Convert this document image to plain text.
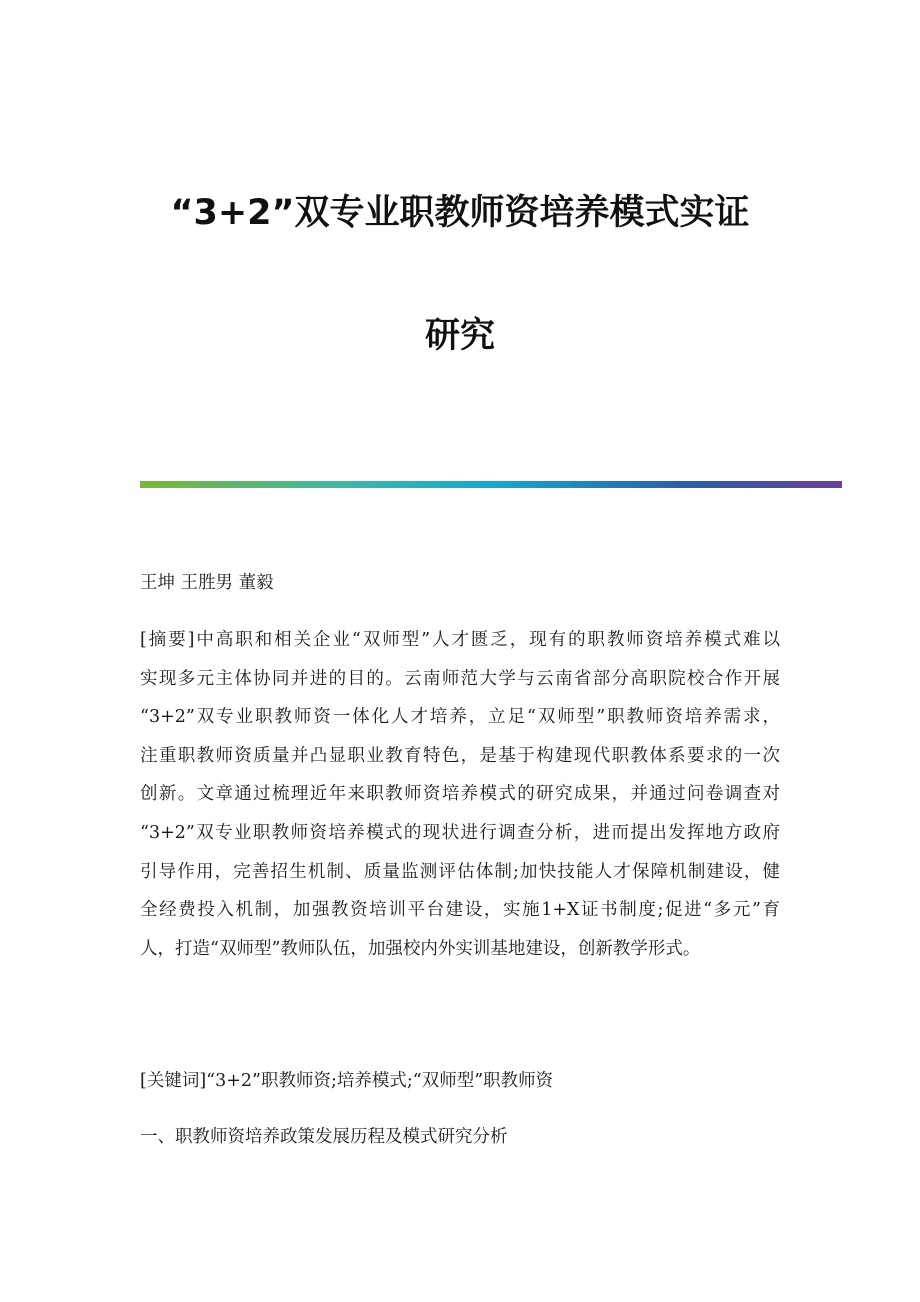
“3+2”双专业职教师资培养模式实证
研究
王坤 王胜男 董毅
[摘要]中高职和相关企业“双师型”人才匮乏，现有的职教师资培养模式难以
实现多元主体协同并进的目的。云南师范大学与云南省部分高职院校合作开展
“3+2”双专业职教师资一体化人才培养，立足“双师型”职教师资培养需求，
注重职教师资质量并凸显职业教育特色，是基于构建现代职教体系要求的一次
创新。文章通过梳理近年来职教师资培养模式的研究成果，并通过问卷调查对
“3+2”双专业职教师资培养模式的现状进行调查分析，进而提出发挥地方政府
引导作用，完善招生机制、质量监测评估体制;加快技能人才保障机制建设，健
全经费投入机制，加强教资培训平台建设，实施1+X证书制度;促进“多元”育
人，打造“双师型”教师队伍，加强校内外实训基地建设，创新教学形式。
[关键词]“3+2”职教师资;培养模式;“双师型”职教师资
一、职教师资培养政策发展历程及模式研究分析
